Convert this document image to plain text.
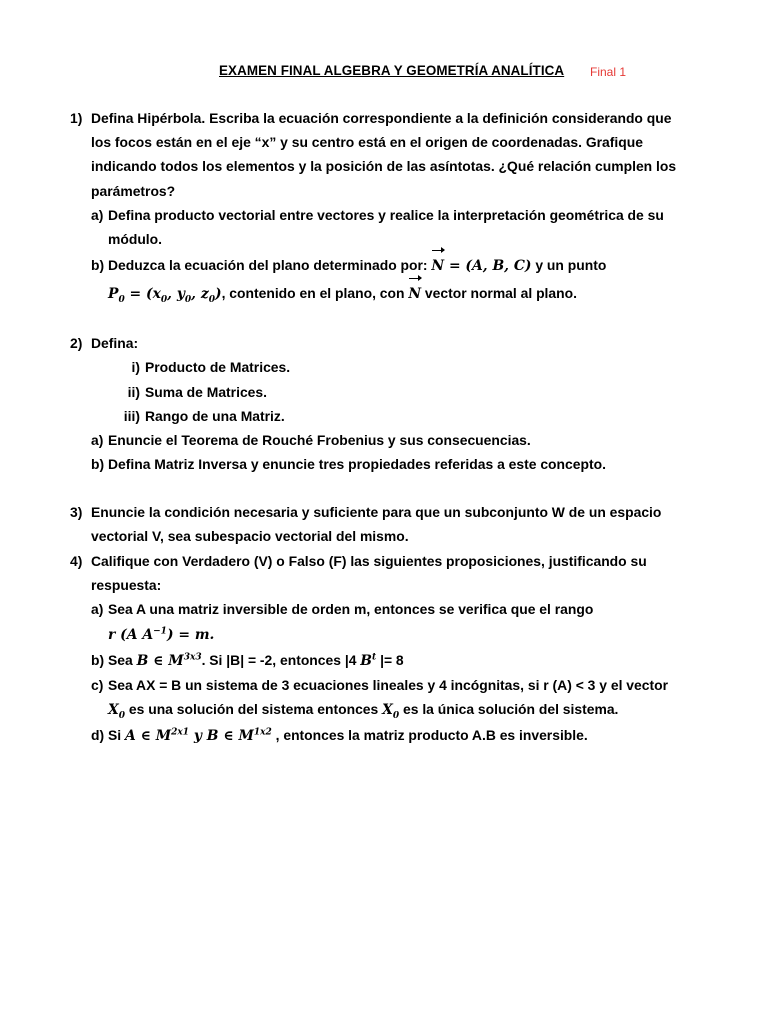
EXAMEN FINAL ALGEBRA Y GEOMETRÍA ANALÍTICA Final 1
1) Defina Hipérbola. Escriba la ecuación correspondiente a la definición considerando que
los focos están en el eje “x” y su centro está en el origen de coordenadas. Grafique
indicando todos los elementos y la posición de las asíntotas. ¿Qué relación cumplen los
parámetros?
a) Defina producto vectorial entre vectores y realice la interpretación geométrica de su
módulo.
b) Deduzca la ecuación del plano determinado por: N = (A, B, C) y un punto
$P_0 = (x_0$, $y_0$, $z_0$), contenido en el plano, con N vector normal al plano.
2) Defina:
i) Producto de Matrices.
ii) Suma de Matrices.
iii) Rango de una Matriz.
a) Enuncie el Teorema de Rouché Frobenius y sus consecuencias.
b) Defina Matriz Inversa y enuncie tres propiedades referidas a este concepto.
3) Enuncie la condición necesaria y suficiente para que un subconjunto W de un espacio
vectorial V, sea subespacio vectorial del mismo.
4) Califique con Verdadero (V) o Falso (F) las siguientes proposiciones, justificando su
respuesta:
a) Sea A una matriz inversible de orden m, entonces se verifica que el rango
r (A $A^{-1}) = m$.
b) Sea B ∈ $M^{3x3}$. Si |B| = -2, entonces |4 $B^t$ |= 8
c) Sea AX = B un sistema de 3 ecuaciones lineales y 4 incógnitas, si r (A) < 3 y el vector
$X_0$ es una solución del sistema entonces $X_0$ es la única solución del sistema.
d) Si A ∈ $M^{2x1}$ y B ∈ $M^{1x2}$ , entonces la matriz producto A.B es inversible.
